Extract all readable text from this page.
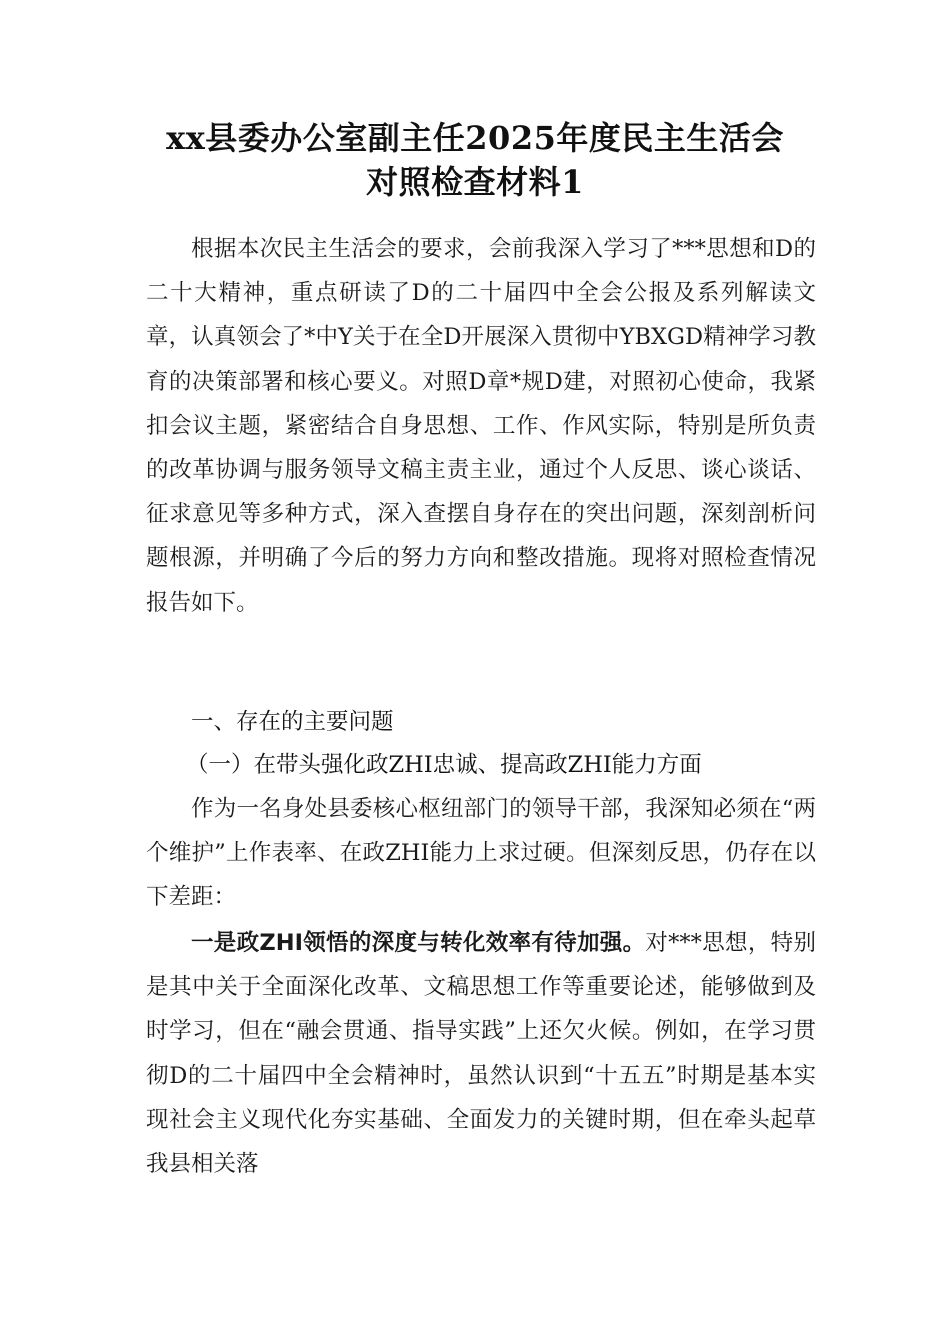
xx县委办公室副主任2025年度民主生活会
对照检查材料1

根据本次民主生活会的要求，会前我深入学习了***思想和D的二十大精神，重点研读了D的二十届四中全会公报及系列解读文章，认真领会了*中Y关于在全D开展深入贯彻中YBXGD精神学习教育的决策部署和核心要义。对照D章*规D建，对照初心使命，我紧扣会议主题，紧密结合自身思想、工作、作风实际，特别是所负责的改革协调与服务领导文稿主责主业，通过个人反思、谈心谈话、征求意见等多种方式，深入查摆自身存在的突出问题，深刻剖析问题根源，并明确了今后的努力方向和整改措施。现将对照检查情况报告如下。

一、存在的主要问题
（一）在带头强化政ZHI忠诚、提高政ZHI能力方面

作为一名身处县委核心枢纽部门的领导干部，我深知必须在“两个维护”上作表率、在政ZHI能力上求过硬。但深刻反思，仍存在以下差距：

一是政ZHI领悟的深度与转化效率有待加强。对***思想，特别是其中关于全面深化改革、文稿思想工作等重要论述，能够做到及时学习，但在“融会贯通、指导实践”上还欠火候。例如，在学习贯彻D的二十届四中全会精神时，虽然认识到“十五五”时期是基本实现社会主义现代化夯实基础、全面发力的关键时期，但在牵头起草我县相关落
